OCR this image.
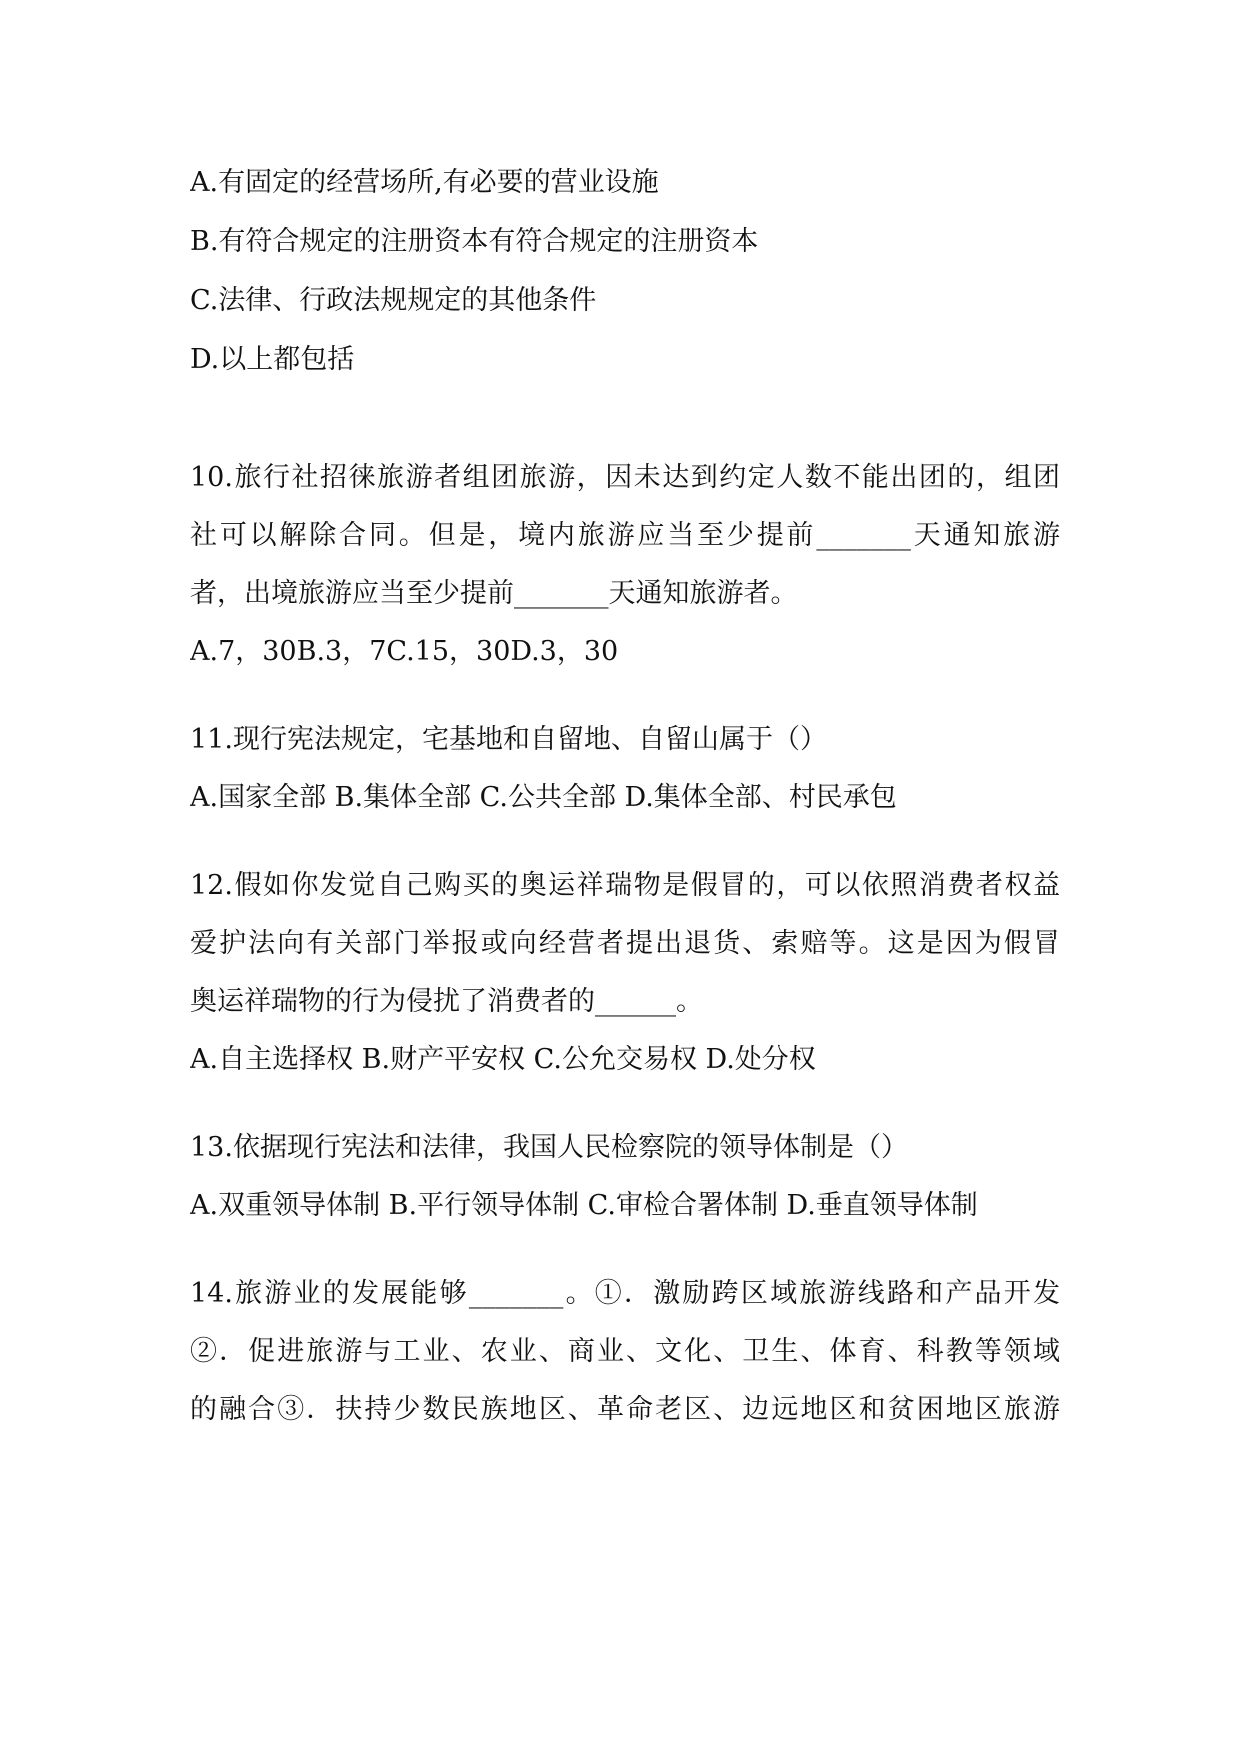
A.有固定的经营场所,有必要的营业设施
B.有符合规定的注册资本有符合规定的注册资本
C.法律、行政法规规定的其他条件
D.以上都包括
10.旅行社招徕旅游者组团旅游，因未达到约定人数不能出团的，组团
社可以解除合同。但是，境内旅游应当至少提前_______天通知旅游
者，出境旅游应当至少提前_______天通知旅游者。
A.7，30B.3，7C.15，30D.3，30
11.现行宪法规定，宅基地和自留地、自留山属于（）
A.国家全部 B.集体全部 C.公共全部 D.集体全部、村民承包
12.假如你发觉自己购买的奥运祥瑞物是假冒的，可以依照消费者权益
爱护法向有关部门举报或向经营者提出退货、索赔等。这是因为假冒
奥运祥瑞物的行为侵扰了消费者的______。
A.自主选择权 B.财产平安权 C.公允交易权 D.处分权
13.依据现行宪法和法律，我国人民检察院的领导体制是（）
A.双重领导体制 B.平行领导体制 C.审检合署体制 D.垂直领导体制
14.旅游业的发展能够_______。①．激励跨区域旅游线路和产品开发
②．促进旅游与工业、农业、商业、文化、卫生、体育、科教等领域
的融合③．扶持少数民族地区、革命老区、边远地区和贫困地区旅游
